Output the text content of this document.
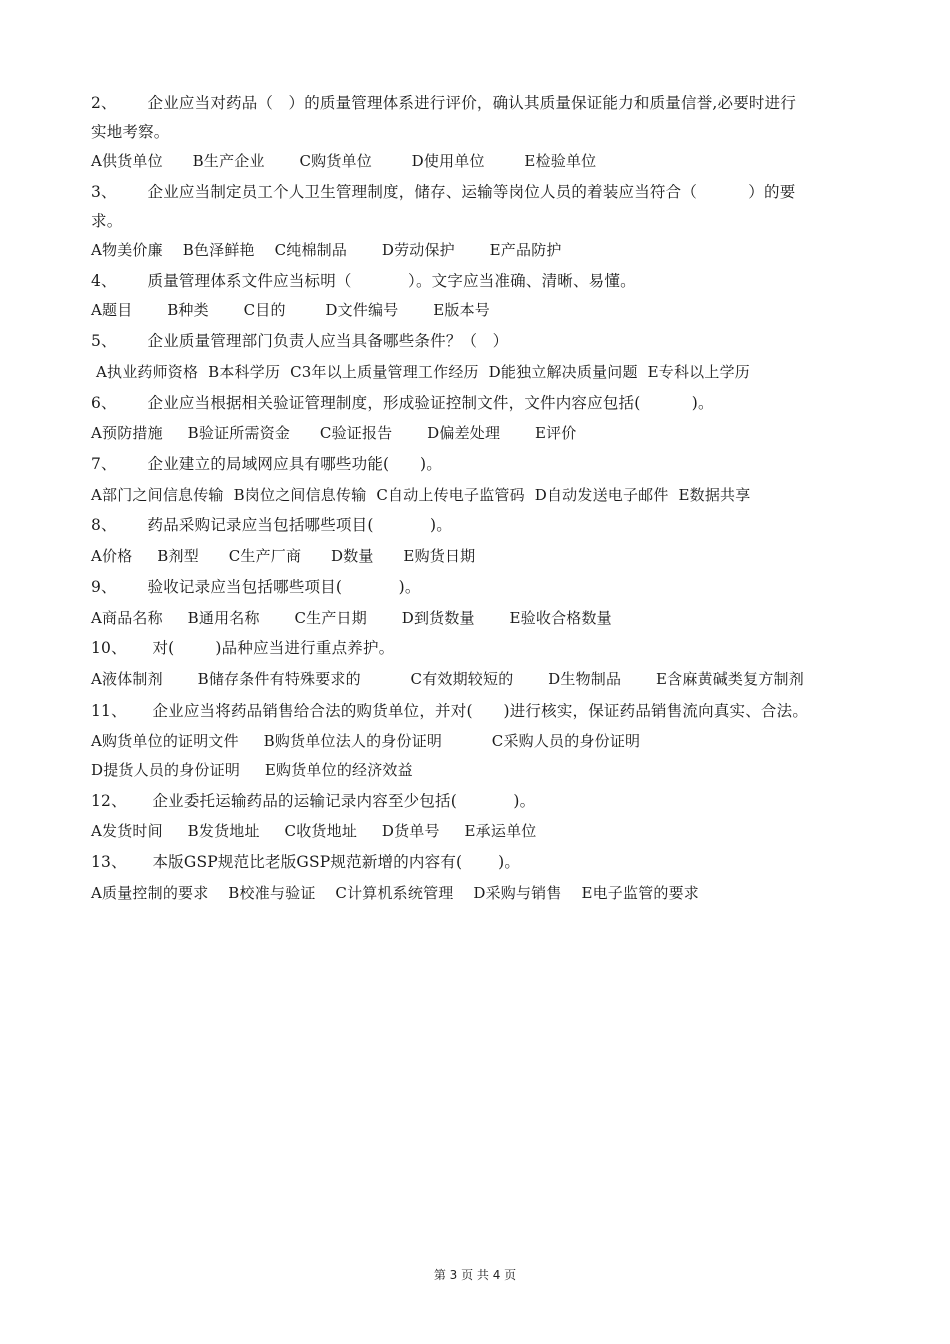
2、      企业应当对药品（   ）的质量管理体系进行评价，确认其质量保证能力和质量信誉,必要时进行
实地考察。
A供货单位      B生产企业       C购货单位        D使用单位        E检验单位
3、      企业应当制定员工个人卫生管理制度，储存、运输等岗位人员的着装应当符合（          ）的要
求。
A物美价廉    B色泽鲜艳    C纯棉制品       D劳动保护       E产品防护
4、      质量管理体系文件应当标明（           ）。文字应当准确、清晰、易懂。
A题目       B种类       C目的        D文件编号       E版本号
5、      企业质量管理部门负责人应当具备哪些条件？（   ）
A执业药师资格  B本科学历  C3年以上质量管理工作经历  D能独立解决质量问题  E专科以上学历
6、      企业应当根据相关验证管理制度，形成验证控制文件，文件内容应包括(          )。
A预防措施     B验证所需资金      C验证报告       D偏差处理       E评价
7、      企业建立的局域网应具有哪些功能(      )。
A部门之间信息传输  B岗位之间信息传输  C自动上传电子监管码  D自动发送电子邮件  E数据共享
8、      药品采购记录应当包括哪些项目(           )。
A价格     B剂型      C生产厂商      D数量      E购货日期
9、      验收记录应当包括哪些项目(           )。
A商品名称     B通用名称       C生产日期       D到货数量       E验收合格数量
10、     对(        )品种应当进行重点养护。
A液体制剂       B储存条件有特殊要求的          C有效期较短的       D生物制品       E含麻黄碱类复方制剂
11、     企业应当将药品销售给合法的购货单位，并对(      )进行核实，保证药品销售流向真实、合法。
A购货单位的证明文件     B购货单位法人的身份证明          C采购人员的身份证明
D提货人员的身份证明     E购货单位的经济效益
12、     企业委托运输药品的运输记录内容至少包括(           )。
A发货时间     B发货地址     C收货地址     D货单号     E承运单位
13、     本版GSP规范比老版GSP规范新增的内容有(       )。
A质量控制的要求    B校准与验证    C计算机系统管理    D采购与销售    E电子监管的要求
第 3 页 共 4 页
